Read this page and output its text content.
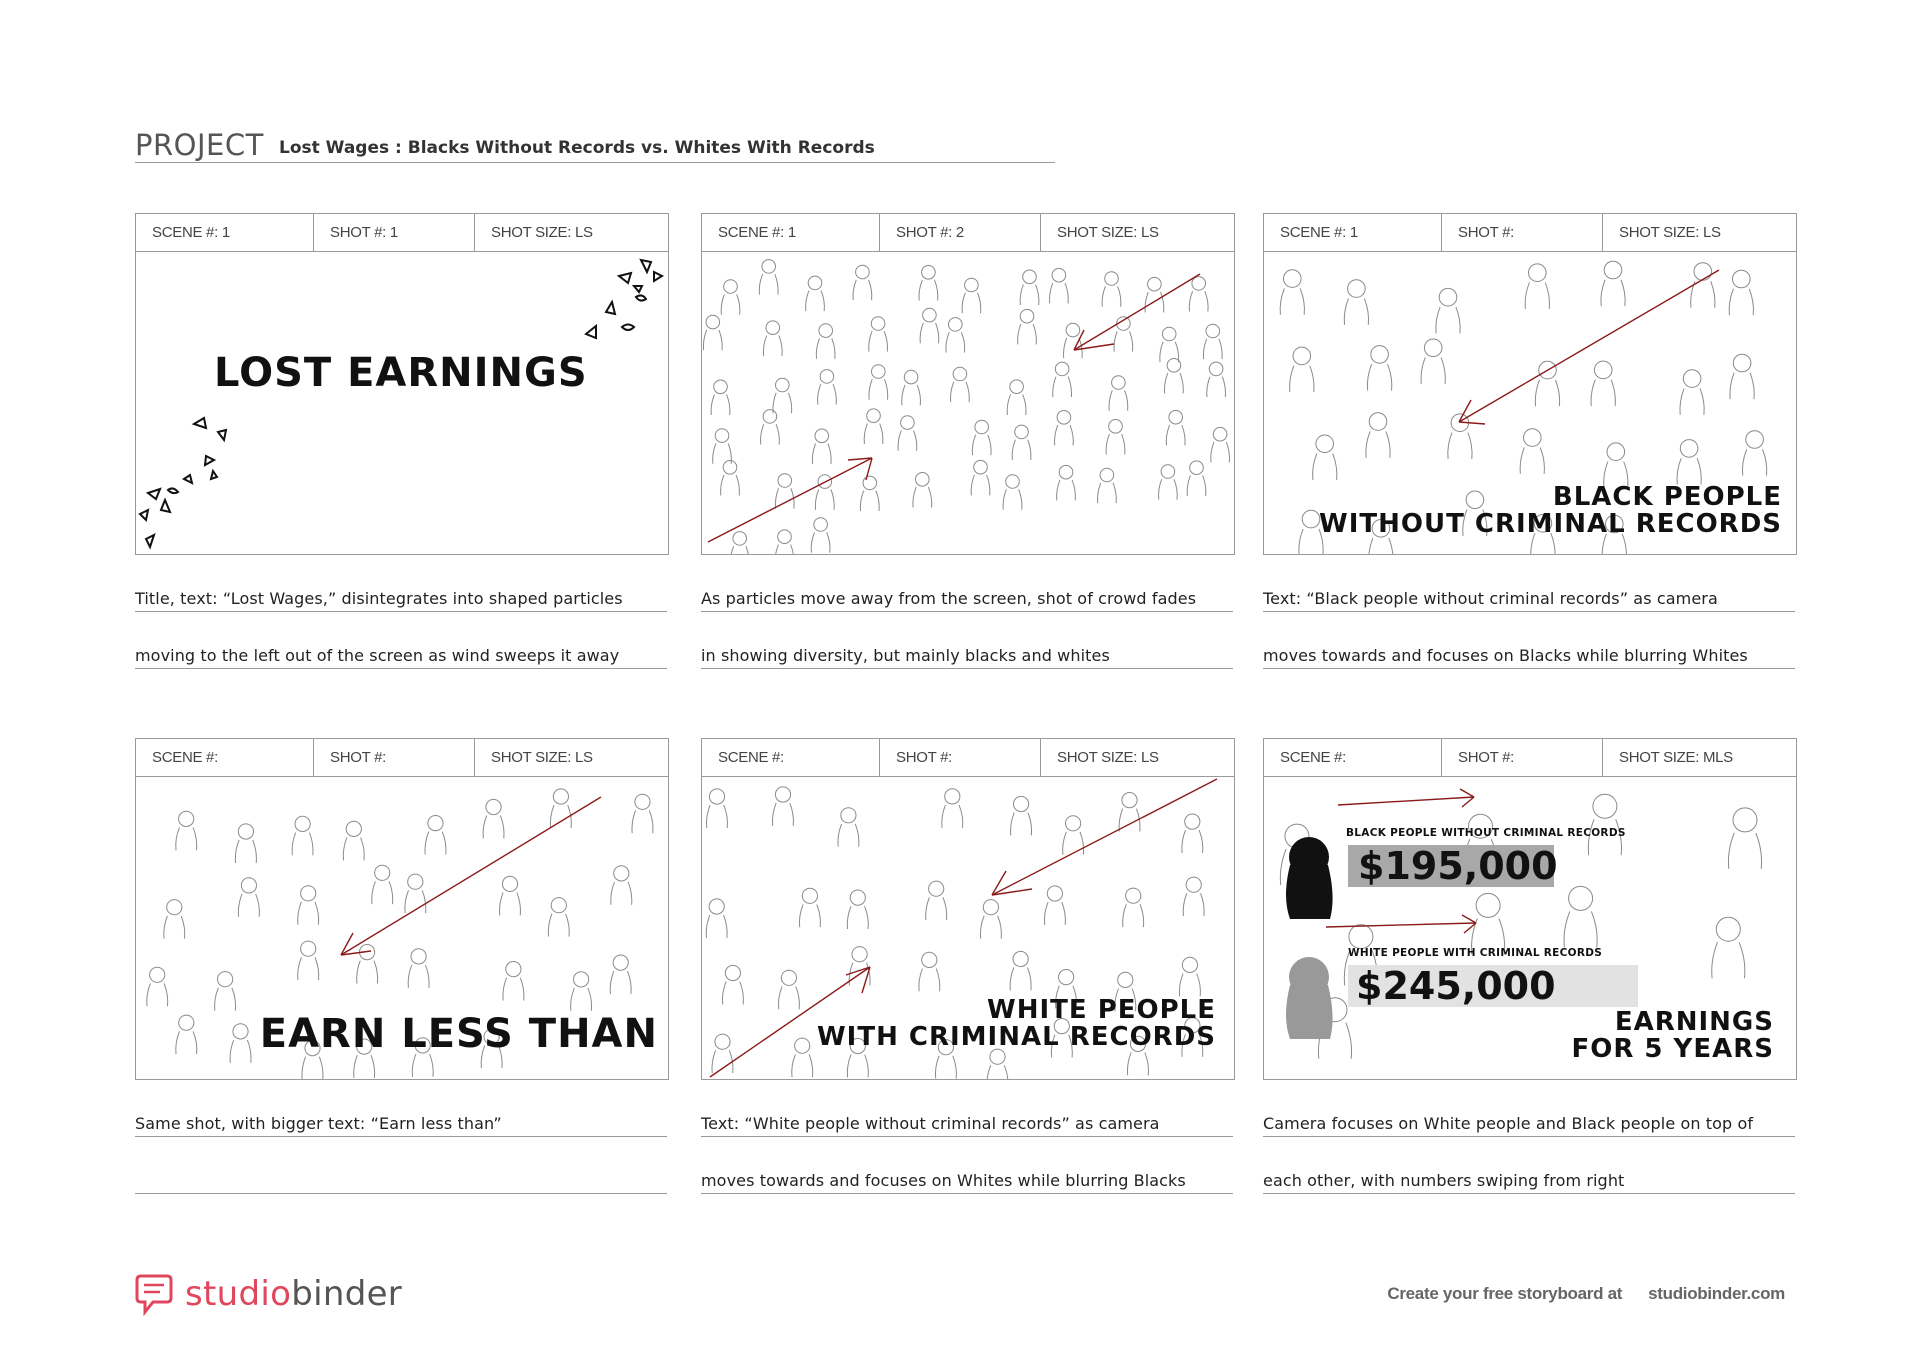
PROJECT Lost Wages : Blacks Without Records vs. Whites With Records
SCENE #: 1	SHOT #: 1	SHOT SIZE: LS
LOST EARNINGS
Title, text: “Lost Wages,” disintegrates into shaped particles
moving to the left out of the screen as wind sweeps it away
SCENE #: 1	SHOT #: 2	SHOT SIZE: LS
As particles move away from the screen, shot of crowd fades
in showing diversity, but mainly blacks and whites
SCENE #: 1	SHOT #:	SHOT SIZE: LS
BLACK PEOPLE
WITHOUT CRIMINAL RECORDS
Text: “Black people without criminal records” as camera
moves towards and focuses on Blacks while blurring Whites
SCENE #:	SHOT #:	SHOT SIZE: LS
EARN LESS THAN
Same shot, with bigger text: “Earn less than”
SCENE #:	SHOT #:	SHOT SIZE: LS
WHITE PEOPLE
WITH CRIMINAL RECORDS
Text: “White people without criminal records” as camera
moves towards and focuses on Whites while blurring Blacks
SCENE #:	SHOT #:	SHOT SIZE: MLS
BLACK PEOPLE WITHOUT CRIMINAL RECORDS
$195,000
WHITE PEOPLE WITH CRIMINAL RECORDS
$245,000
EARNINGS
FOR 5 YEARS
Camera focuses on White people and Black people on top of
each other, with numbers swiping from right
studiobinder	Create your free storyboard at studiobinder.com
